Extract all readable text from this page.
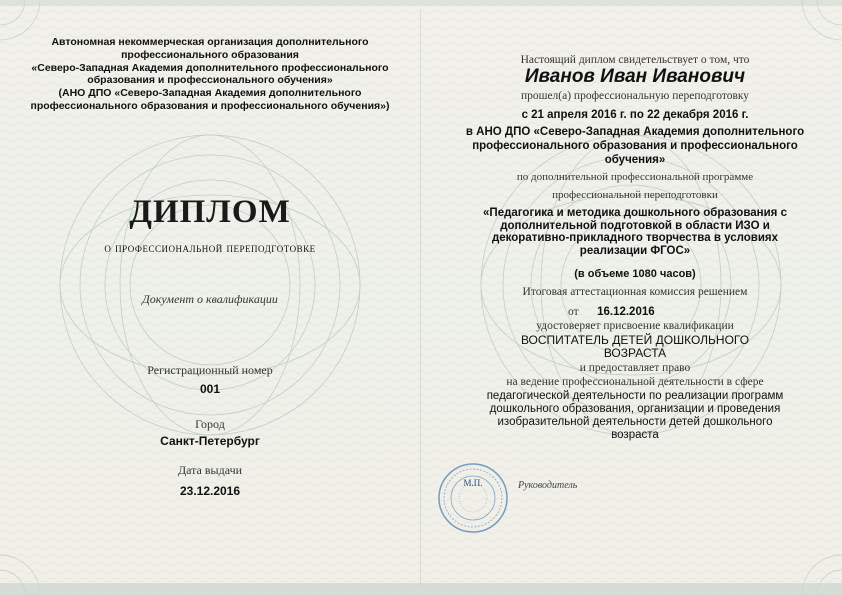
Автономная некоммерческая организация дополнительного
профессионального образования
«Северо-Западная Академия дополнительного профессионального
образования и профессионального обучения»
(АНО ДПО «Северо-Западная Академия дополнительного
профессионального образования и профессионального обучения»)
ДИПЛОМ
о профессиональной переподготовке
Документ о квалификации
Регистрационный номер
001
Город
Санкт-Петербург
Дата выдачи
23.12.2016
Настоящий диплом свидетельствует о том, что
Иванов Иван Иванович
прошел(а) профессиональную переподготовку
с 21 апреля 2016 г. по 22 декабря 2016 г.
в АНО ДПО «Северо-Западная Академия дополнительного
профессионального образования и профессионального
обучения»
по дополнительной профессиональной программе
профессиональной переподготовки
«Педагогика и методика дошкольного образования с
дополнительной подготовкой в области ИЗО и
декоративно-прикладного творчества в условиях
реализации ФГОС»
(в объеме 1080 часов)
Итоговая аттестационная комиссия решением
от 16.12.2016
удостоверяет присвоение квалификации
ВОСПИТАТЕЛЬ ДЕТЕЙ ДОШКОЛЬНОГО
ВОЗРАСТА
и предоставляет право
на ведение профессиональной деятельности в сфере
педагогической деятельности по реализации программ
дошкольного образования, организации и проведения
изобразительной деятельности детей дошкольного
возраста
М.П.	Руководитель
